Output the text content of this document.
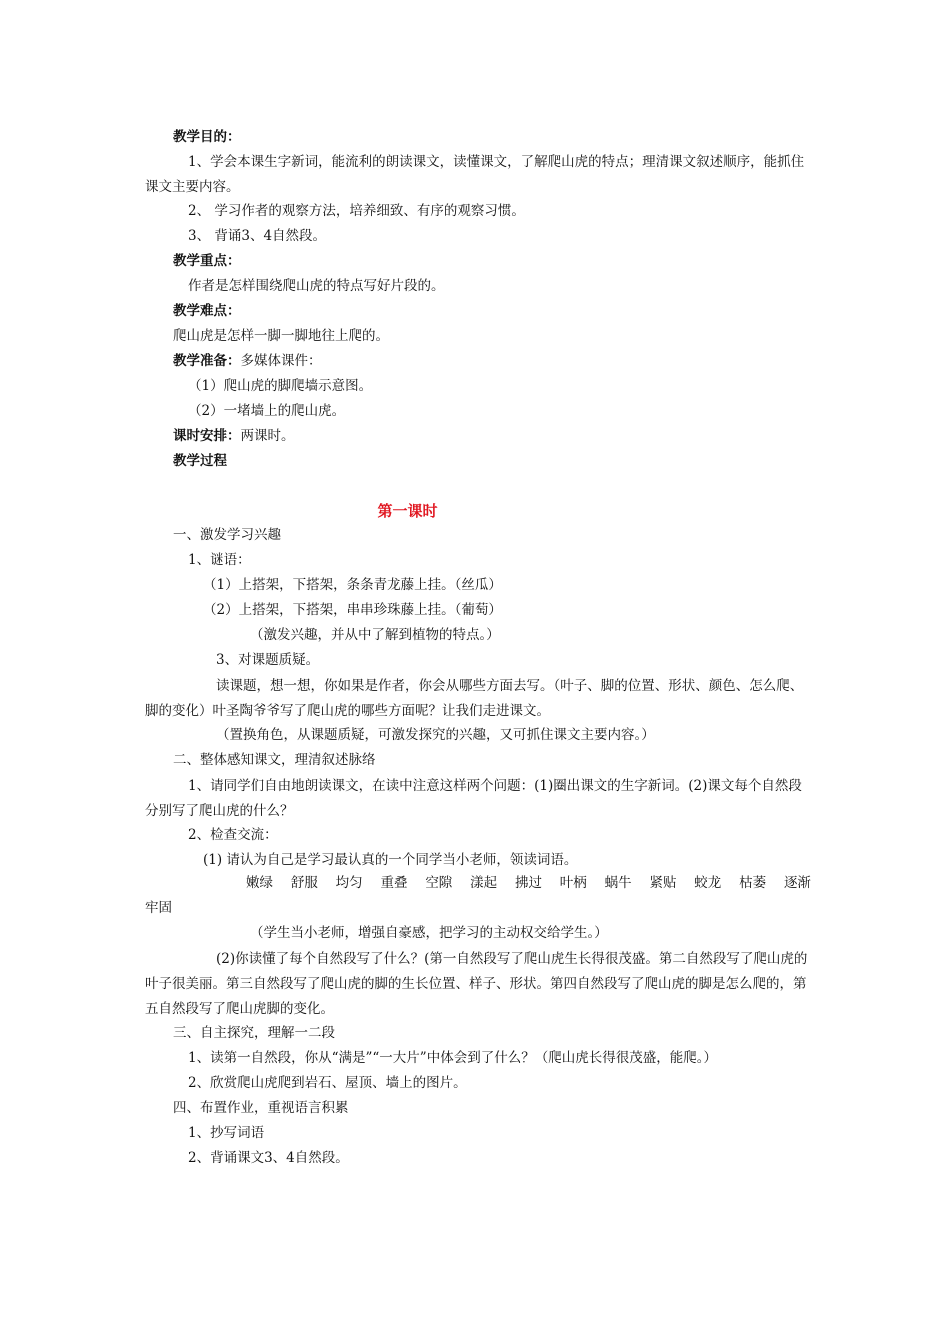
教学目的：
1、学会本课生字新词，能流利的朗读课文，读懂课文，了解爬山虎的特点；理清课文叙述顺序，能抓住课文主要内容。
2、 学习作者的观察方法，培养细致、有序的观察习惯。
3、 背诵3、4自然段。
教学重点：
作者是怎样围绕爬山虎的特点写好片段的。
教学难点：
爬山虎是怎样一脚一脚地往上爬的。
教学准备：多媒体课件：
（1）爬山虎的脚爬墙示意图。
（2）一堵墙上的爬山虎。
课时安排：两课时。
教学过程
第一课时
一、激发学习兴趣
1、谜语：
（1）上搭架，下搭架，条条青龙藤上挂。（丝瓜）
（2）上搭架，下搭架，串串珍珠藤上挂。（葡萄）
（激发兴趣，并从中了解到植物的特点。）
3、对课题质疑。
读课题，想一想，你如果是作者，你会从哪些方面去写。（叶子、脚的位置、形状、颜色、怎么爬、脚的变化）叶圣陶爷爷写了爬山虎的哪些方面呢？让我们走进课文。
（置换角色，从课题质疑，可激发探究的兴趣，又可抓住课文主要内容。）
二、整体感知课文，理清叙述脉络
1、请同学们自由地朗读课文，在读中注意这样两个问题：(1)圈出课文的生字新词。(2)课文每个自然段分别写了爬山虎的什么？
2、检查交流：
(1) 请认为自己是学习最认真的一个同学当小老师，领读词语。
嫩绿 舒服 均匀 重叠 空隙 漾起 拂过 叶柄 蜗牛 紧贴 蛟龙 枯萎 逐渐
牢固
（学生当小老师，增强自豪感，把学习的主动权交给学生。）
(2)你读懂了每个自然段写了什么？(第一自然段写了爬山虎生长得很茂盛。第二自然段写了爬山虎的叶子很美丽。第三自然段写了爬山虎的脚的生长位置、样子、形状。第四自然段写了爬山虎的脚是怎么爬的，第五自然段写了爬山虎脚的变化。
三、自主探究，理解一二段
1、读第一自然段，你从“满是”“一大片”中体会到了什么？（爬山虎长得很茂盛，能爬。）
2、欣赏爬山虎爬到岩石、屋顶、墙上的图片。
四、布置作业，重视语言积累
1、抄写词语
2、背诵课文3、4自然段。
